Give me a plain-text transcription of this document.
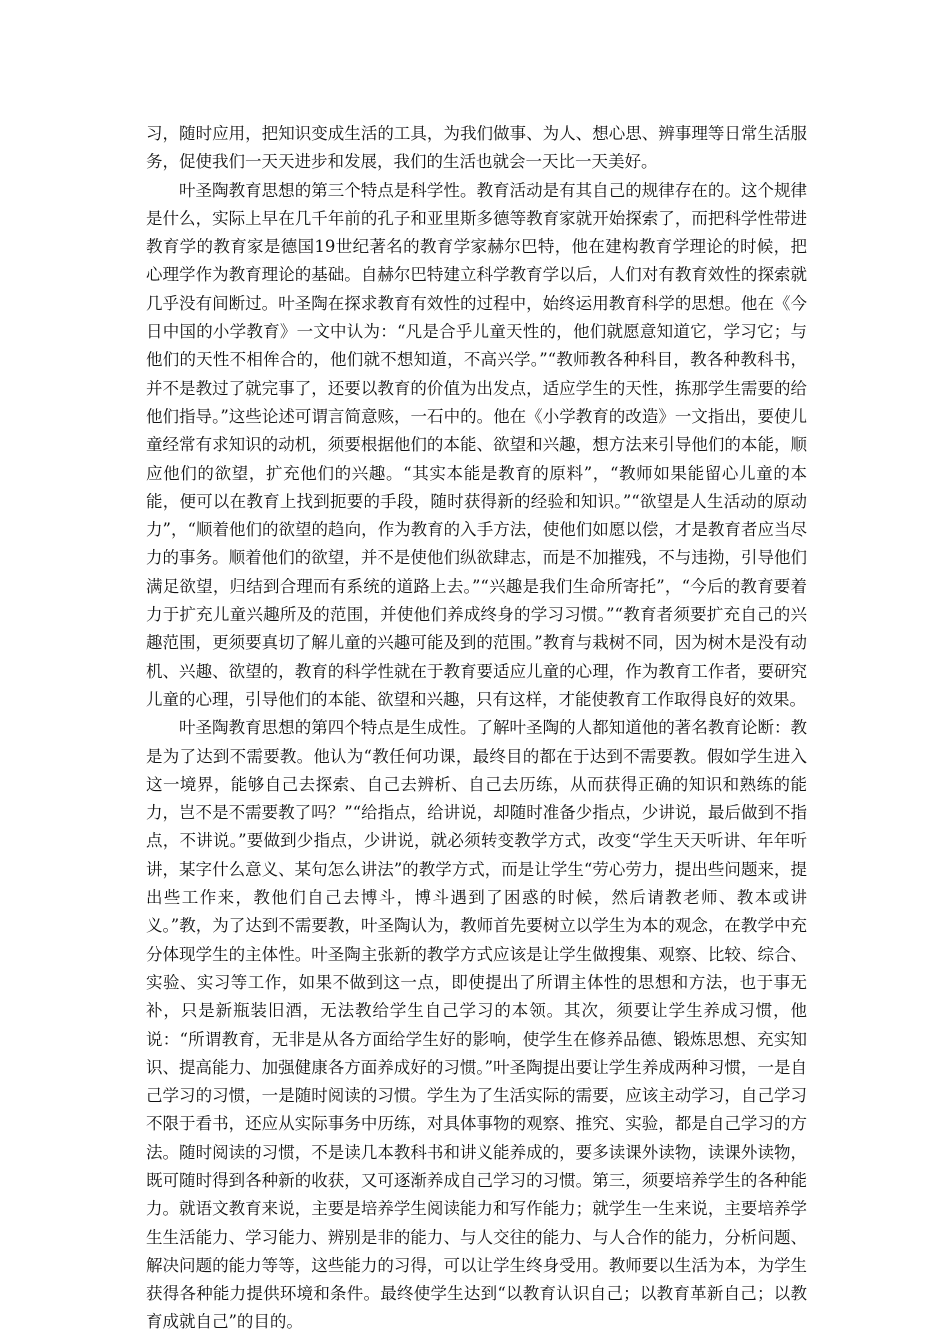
习，随时应用，把知识变成生活的工具，为我们做事、为人、想心思、辨事理等日常生活服务，促使我们一天天进步和发展，我们的生活也就会一天比一天美好。

叶圣陶教育思想的第三个特点是科学性。教育活动是有其自己的规律存在的。这个规律是什么，实际上早在几千年前的孔子和亚里斯多德等教育家就开始探索了，而把科学性带进教育学的教育家是德国19世纪著名的教育学家赫尔巴特，他在建构教育学理论的时候，把心理学作为教育理论的基础。自赫尔巴特建立科学教育学以后，人们对有教育效性的探索就几乎没有间断过。叶圣陶在探求教育有效性的过程中，始终运用教育科学的思想。他在《今日中国的小学教育》一文中认为：“凡是合乎儿童天性的，他们就愿意知道它，学习它；与他们的天性不相侔合的，他们就不想知道，不高兴学。”“教师教各种科目，教各种教科书，并不是教过了就完事了，还要以教育的价值为出发点，适应学生的天性，拣那学生需要的给他们指导。”这些论述可谓言简意赅，一石中的。他在《小学教育的改造》一文指出，要使儿童经常有求知识的动机，须要根据他们的本能、欲望和兴趣，想方法来引导他们的本能，顺应他们的欲望，扩充他们的兴趣。“其实本能是教育的原料”，“教师如果能留心儿童的本能，便可以在教育上找到扼要的手段，随时获得新的经验和知识。”“欲望是人生活动的原动力”，“顺着他们的欲望的趋向，作为教育的入手方法，使他们如愿以偿，才是教育者应当尽力的事务。顺着他们的欲望，并不是使他们纵欲肆志，而是不加摧残，不与违拗，引导他们满足欲望，归结到合理而有系统的道路上去。”“兴趣是我们生命所寄托”，“今后的教育要着力于扩充儿童兴趣所及的范围，并使他们养成终身的学习习惯。”“教育者须要扩充自己的兴趣范围，更须要真切了解儿童的兴趣可能及到的范围。”教育与栽树不同，因为树木是没有动机、兴趣、欲望的，教育的科学性就在于教育要适应儿童的心理，作为教育工作者，要研究儿童的心理，引导他们的本能、欲望和兴趣，只有这样，才能使教育工作取得良好的效果。

叶圣陶教育思想的第四个特点是生成性。了解叶圣陶的人都知道他的著名教育论断：教是为了达到不需要教。他认为“教任何功课，最终目的都在于达到不需要教。假如学生进入这一境界，能够自己去探索、自己去辨析、自己去历练，从而获得正确的知识和熟练的能力，岂不是不需要教了吗？”“给指点，给讲说，却随时准备少指点，少讲说，最后做到不指点，不讲说。”要做到少指点，少讲说，就必须转变教学方式，改变“学生天天听讲、年年听讲，某字什么意义、某句怎么讲法”的教学方式，而是让学生“劳心劳力，提出些问题来，提出些工作来，教他们自己去博斗，博斗遇到了困惑的时候，然后请教老师、教本或讲义。”教，为了达到不需要教，叶圣陶认为，教师首先要树立以学生为本的观念，在教学中充分体现学生的主体性。叶圣陶主张新的教学方式应该是让学生做搜集、观察、比较、综合、实验、实习等工作，如果不做到这一点，即使提出了所谓主体性的思想和方法，也于事无补，只是新瓶装旧酒，无法教给学生自己学习的本领。其次，须要让学生养成习惯，他说：“所谓教育，无非是从各方面给学生好的影响，使学生在修养品德、锻炼思想、充实知识、提高能力、加强健康各方面养成好的习惯。”叶圣陶提出要让学生养成两种习惯，一是自己学习的习惯，一是随时阅读的习惯。学生为了生活实际的需要，应该主动学习，自己学习不限于看书，还应从实际事务中历练，对具体事物的观察、推究、实验，都是自己学习的方法。随时阅读的习惯，不是读几本教科书和讲义能养成的，要多读课外读物，读课外读物，既可随时得到各种新的收获，又可逐渐养成自己学习的习惯。第三，须要培养学生的各种能力。就语文教育来说，主要是培养学生阅读能力和写作能力；就学生一生来说，主要培养学生生活能力、学习能力、辨别是非的能力、与人交往的能力、与人合作的能力，分析问题、解决问题的能力等等，这些能力的习得，可以让学生终身受用。教师要以生活为本，为学生获得各种能力提供环境和条件。最终使学生达到“以教育认识自己；以教育革新自己；以教育成就自己”的目的。
